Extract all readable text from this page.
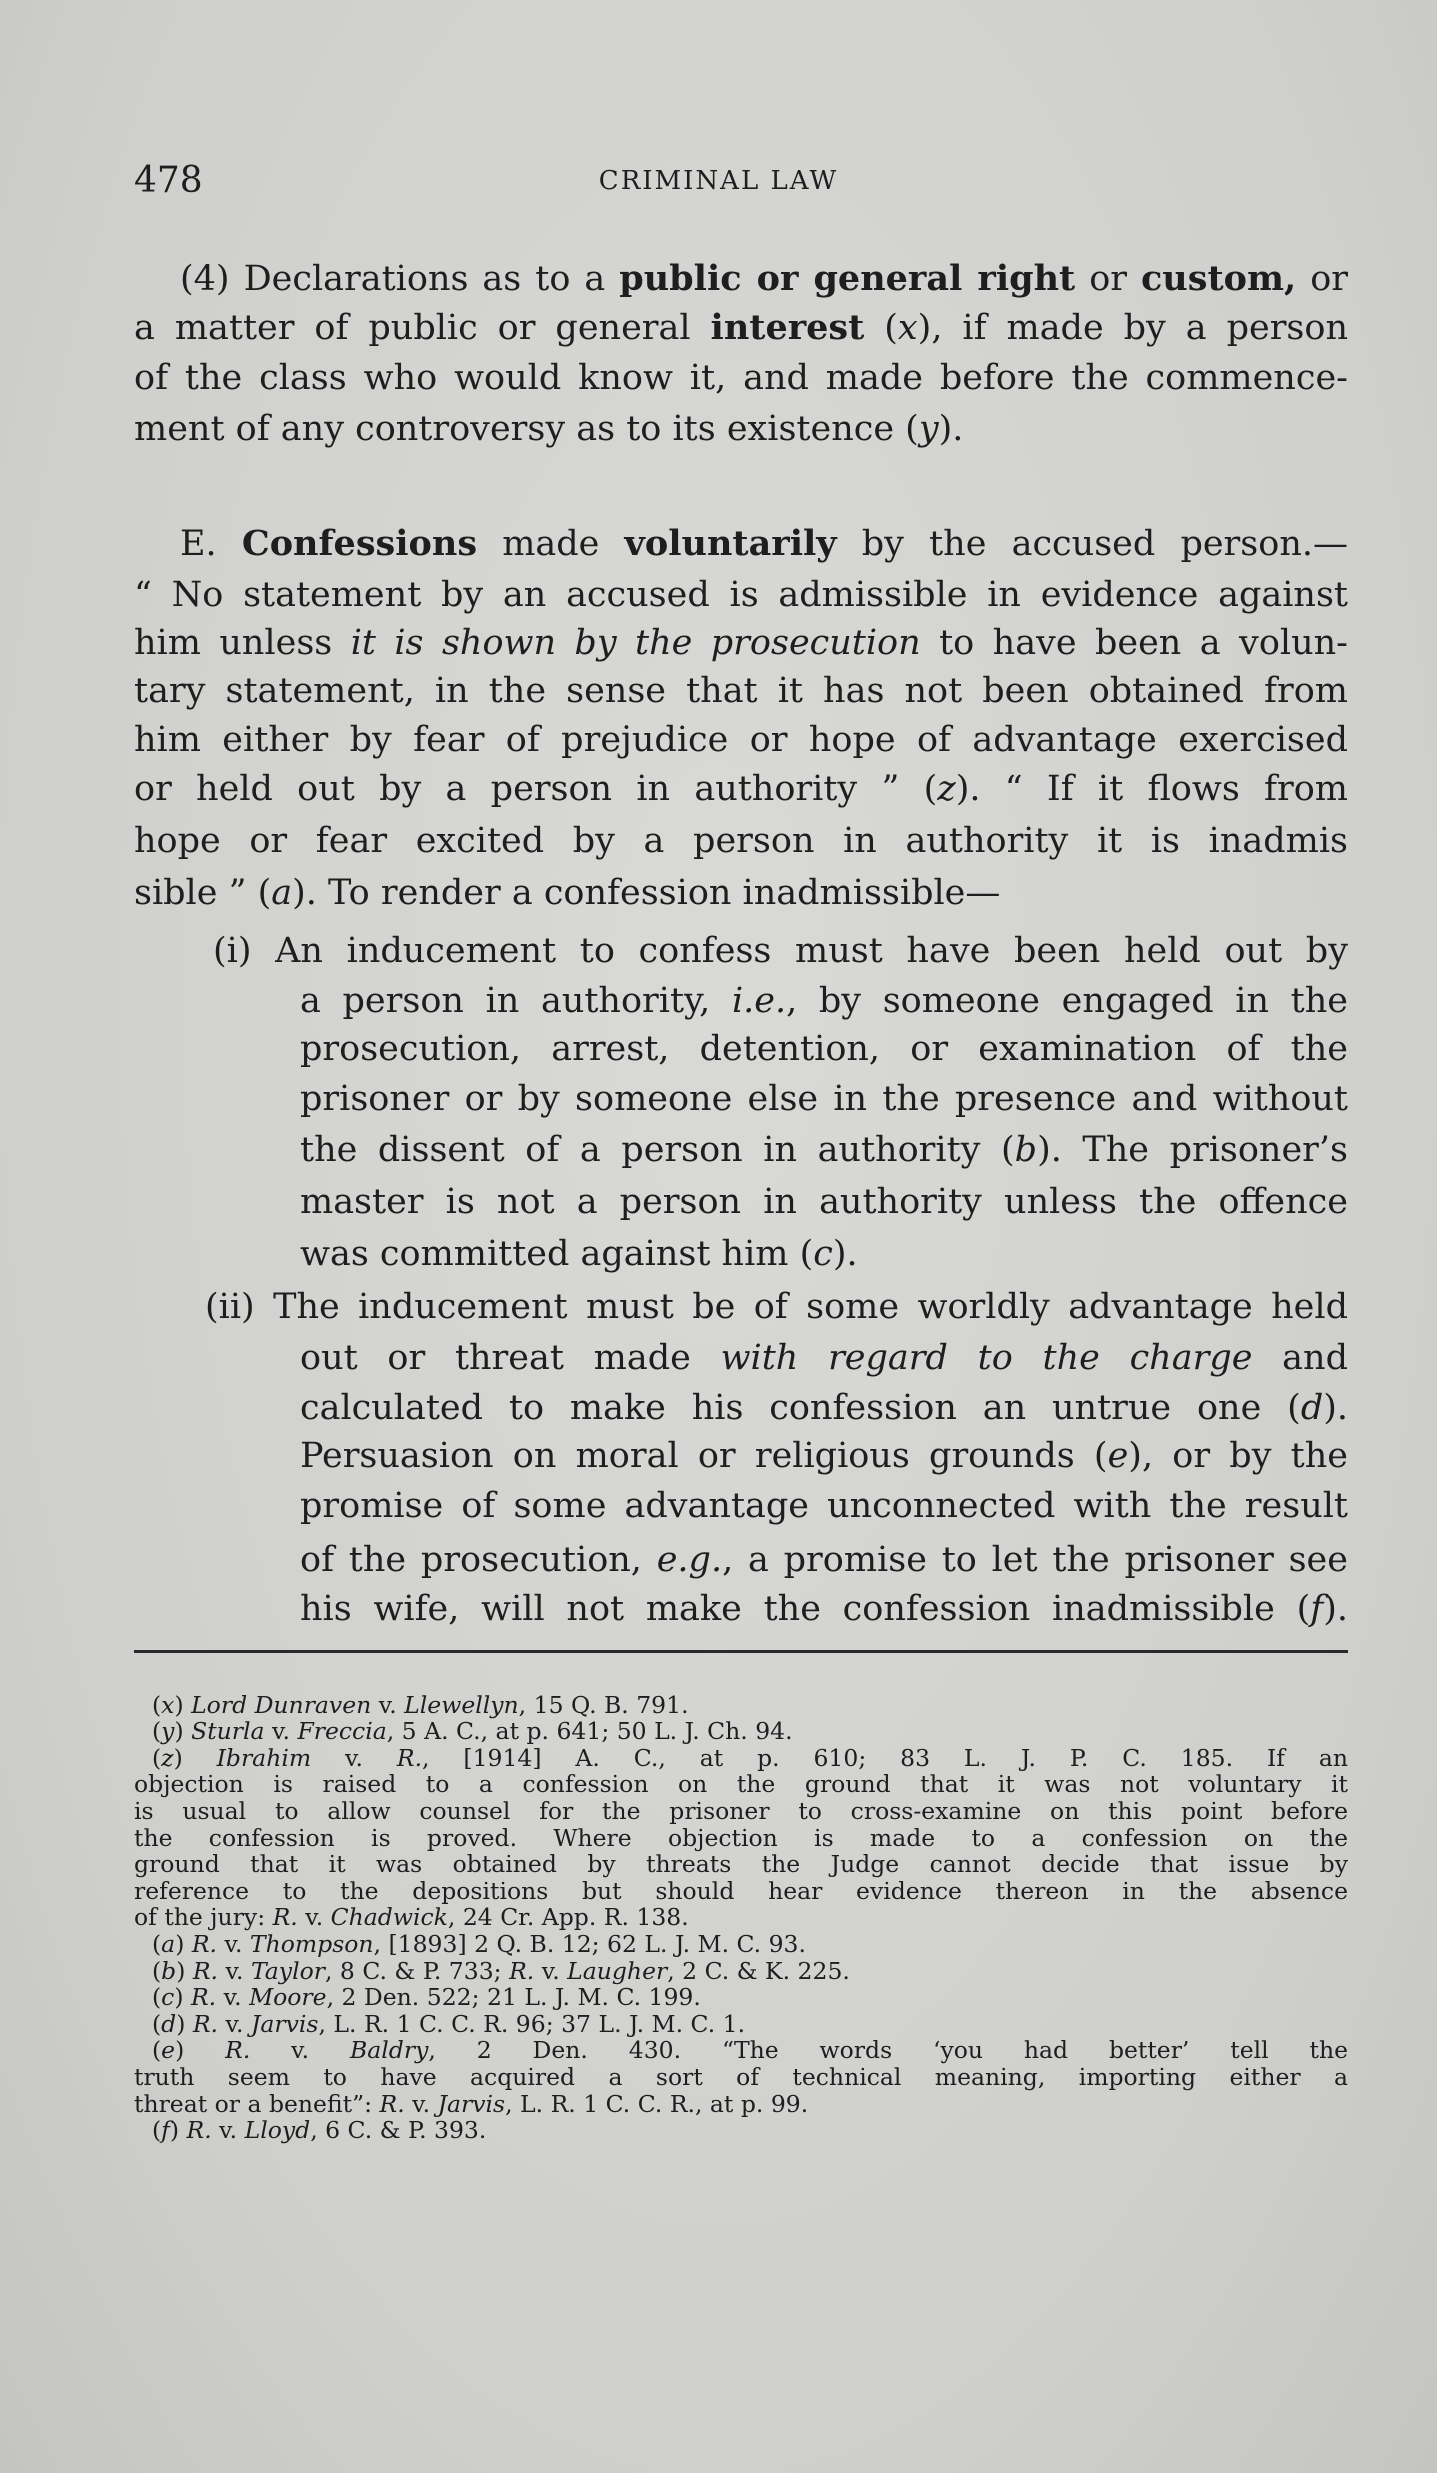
478	CRIMINAL LAW
(4) Declarations as to a public or general right or custom, or
a matter of public or general interest (x), if made by a person
of the class who would know it, and made before the commence-
ment of any controversy as to its existence (y).
E. Confessions made voluntarily by the accused person.—
“ No statement by an accused is admissible in evidence against
him unless it is shown by the prosecution to have been a volun-
tary statement, in the sense that it has not been obtained from
him either by fear of prejudice or hope of advantage exercised
or held out by a person in authority ” (z). “ If it flows from
hope or fear excited by a person in authority it is inadmis
sible ” (a). To render a confession inadmissible—
(i) An inducement to confess must have been held out by
a person in authority, i.e., by someone engaged in the
prosecution, arrest, detention, or examination of the
prisoner or by someone else in the presence and without
the dissent of a person in authority (b). The prisoner’s
master is not a person in authority unless the offence
was committed against him (c).
(ii) The inducement must be of some worldly advantage held
out or threat made with regard to the charge and
calculated to make his confession an untrue one (d).
Persuasion on moral or religious grounds (e), or by the
promise of some advantage unconnected with the result
of the prosecution, e.g., a promise to let the prisoner see
his wife, will not make the confession inadmissible (f).
(x) Lord Dunraven v. Llewellyn, 15 Q. B. 791.
(y) Sturla v. Freccia, 5 A. C., at p. 641; 50 L. J. Ch. 94.
(z) Ibrahim v. R., [1914] A. C., at p. 610; 83 L. J. P. C. 185. If an
objection is raised to a confession on the ground that it was not voluntary it
is usual to allow counsel for the prisoner to cross-examine on this point before
the confession is proved. Where objection is made to a confession on the
ground that it was obtained by threats the Judge cannot decide that issue by
reference to the depositions but should hear evidence thereon in the absence
of the jury: R. v. Chadwick, 24 Cr. App. R. 138.
(a) R. v. Thompson, [1893] 2 Q. B. 12; 62 L. J. M. C. 93.
(b) R. v. Taylor, 8 C. & P. 733; R. v. Laugher, 2 C. & K. 225.
(c) R. v. Moore, 2 Den. 522; 21 L. J. M. C. 199.
(d) R. v. Jarvis, L. R. 1 C. C. R. 96; 37 L. J. M. C. 1.
(e) R. v. Baldry, 2 Den. 430. “The words ‘you had better’ tell the
truth seem to have acquired a sort of technical meaning, importing either a
threat or a benefit”: R. v. Jarvis, L. R. 1 C. C. R., at p. 99.
(f) R. v. Lloyd, 6 C. & P. 393.
